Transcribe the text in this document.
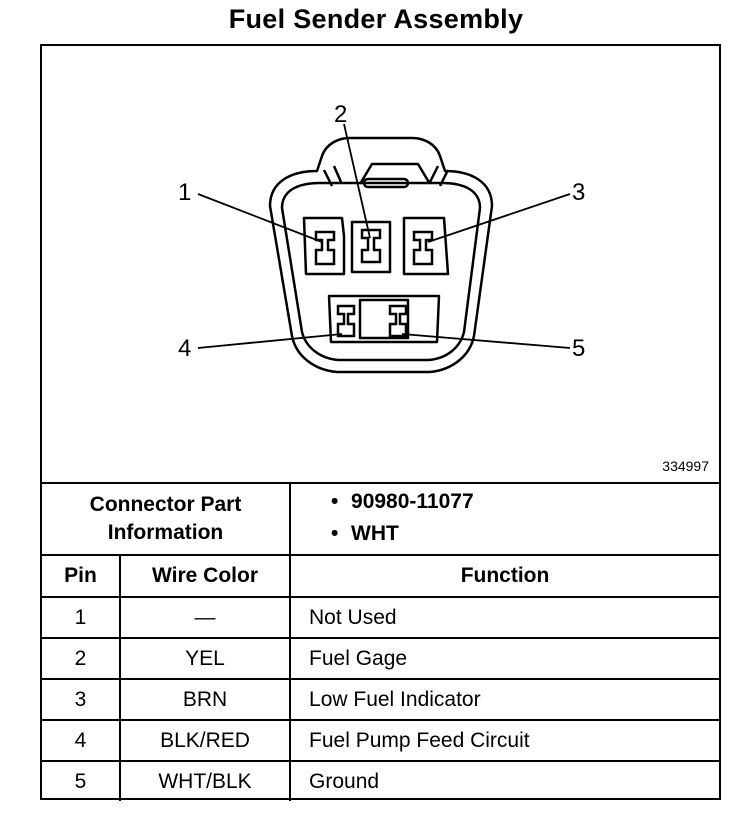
Fuel Sender Assembly
1
2
3
4	5
334997
Connector Part Information		• 90980-11077
• WHT

Pin	Wire Color	Function
1	—	Not Used
2	YEL	Fuel Gage
3	BRN	Low Fuel Indicator
4	BLK/RED	Fuel Pump Feed Circuit
5	WHT/BLK	Ground
